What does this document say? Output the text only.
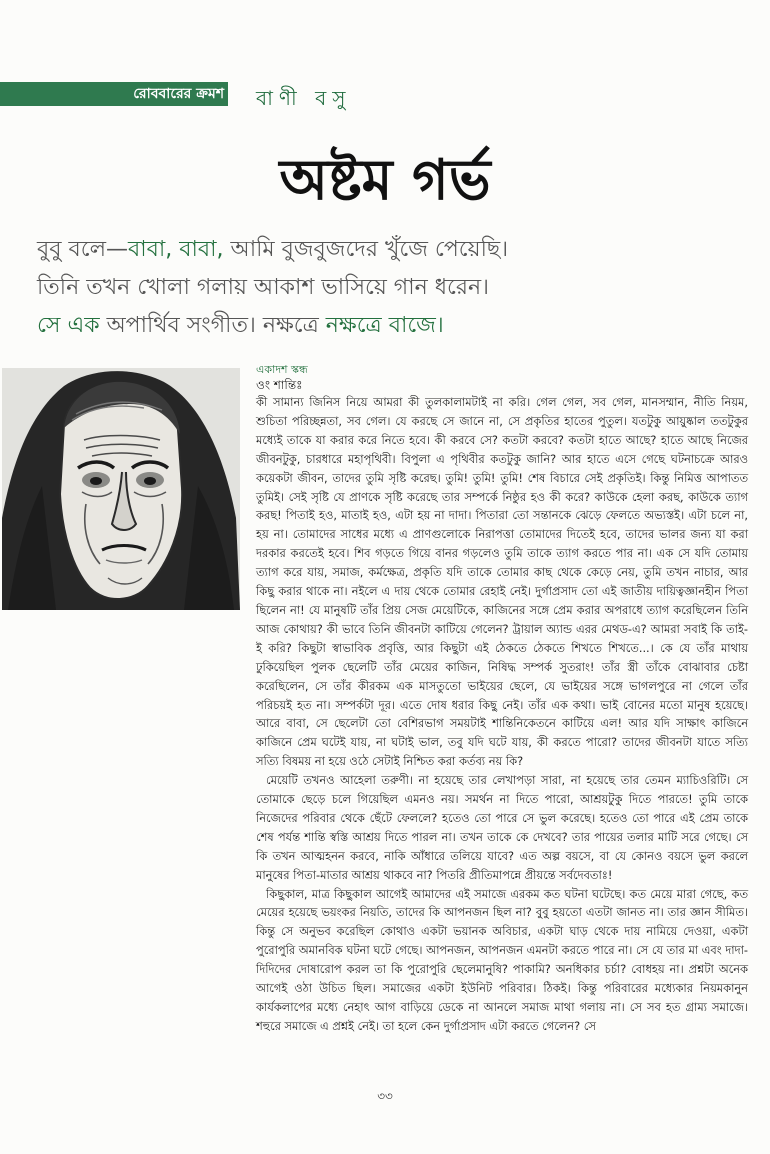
রোববারের ক্রমশ বাণী বসু
অষ্টম গর্ভ
বুবু বলে—বাবা, বাবা, আমি বুজবুজদের খুঁজে পেয়েছি।
তিনি তখন খোলা গলায় আকাশ ভাসিয়ে গান ধরেন।
সে এক অপার্থিব সংগীত। নক্ষত্রে নক্ষত্রে বাজে।

একাদশ স্কন্ধ

ওং শান্তিঃ

কী সামান্য জিনিস নিয়ে আমরা কী তুলকালামটাই না করি। গেল গেল, সব গেল, মানসম্মান, নীতি নিয়ম, শুচিতা পরিচ্ছন্নতা, সব গেল। যে করছে সে জানে না, সে প্রকৃতির হাতের পুতুল। যতটুকু আয়ুষ্কাল ততটুকুর মধ্যেই তাকে যা করার করে নিতে হবে। কী করবে সে? কতটা করবে? কতটা হাতে আছে? হাতে আছে নিজের জীবনটুকু, চারধারে মহাপৃথিবী। বিপুলা এ পৃথিবীর কতটুকু জানি? আর হাতে এসে গেছে ঘটনাচক্রে আরও কয়েকটা জীবন, তাদের তুমি সৃষ্টি করেছ। তুমি! তুমি! তুমি! শেষ বিচারে সেই প্রকৃতিই। কিন্তু নিমিত্ত আপাতত তুমিই। সেই সৃষ্টি যে প্রাণকে সৃষ্টি করেছে তার সম্পর্কে নিষ্ঠুর হও কী করে? কাউকে হেলা করছ, কাউকে ত্যাগ করছ! পিতাই হও, মাতাই হও, এটা হয় না দাদা। পিতারা তো সন্তানকে ঝেড়ে ফেলতে অভ্যস্তই। এটা চলে না, হয় না। তোমাদের সাধের মধ্যে এ প্রাণগুলোকে নিরাপত্তা তোমাদের দিতেই হবে, তাদের ভালর জন্য যা করা দরকার করতেই হবে। শিব গড়তে গিয়ে বানর গড়লেও তুমি তাকে ত্যাগ করতে পার না। এক সে যদি তোমায় ত্যাগ করে যায়, সমাজ, কর্মক্ষেত্র, প্রকৃতি যদি তাকে তোমার কাছ থেকে কেড়ে নেয়, তুমি তখন নাচার, আর কিছু করার থাকে না। নইলে এ দায় থেকে তোমার রেহাই নেই। দুর্গাপ্রসাদ তো এই জাতীয় দায়িত্বজ্ঞানহীন পিতা ছিলেন না! যে মানুষটি তাঁর প্রিয় সেজ মেয়েটিকে, কাজিনের সঙ্গে প্রেম করার অপরাধে ত্যাগ করেছিলেন তিনি আজ কোথায়? কী ভাবে তিনি জীবনটা কাটিয়ে গেলেন? ট্রায়াল অ্যান্ড এরর মেথড-এ? আমরা সবাই কি তাই-ই করি? কিছুটা স্বাভাবিক প্রবৃত্তি, আর কিছুটা এই ঠেকতে ঠেকতে শিখতে শিখতে...। কে যে তাঁর মাথায় ঢুকিয়েছিল পুলক ছেলেটি তাঁর মেয়ের কাজিন, নিষিদ্ধ সম্পর্ক সুতরাং! তাঁর স্ত্রী তাঁকে বোঝাবার চেষ্টা করেছিলেন, সে তাঁর কীরকম এক মাসতুতো ভাইয়ের ছেলে, যে ভাইয়ের সঙ্গে ভাগলপুরে না গেলে তাঁর পরিচয়ই হত না। সম্পর্কটা দূর। এতে দোষ ধরার কিছু নেই। তাঁর এক কথা। ভাই বোনের মতো মানুষ হয়েছে। আরে বাবা, সে ছেলেটা তো বেশিরভাগ সময়টাই শান্তিনিকেতনে কাটিয়ে এল! আর যদি সাক্ষাৎ কাজিনে কাজিনে প্রেম ঘটেই যায়, না ঘটাই ভাল, তবু যদি ঘটে যায়, কী করতে পারো? তাদের জীবনটা যাতে সত্যি সত্যি বিষময় না হয়ে ওঠে সেটাই নিশ্চিত করা কর্তব্য নয় কি?

মেয়েটি তখনও আহেলা তরুণী। না হয়েছে তার লেখাপড়া সারা, না হয়েছে তার তেমন ম্যাচিওরিটি। সে তোমাকে ছেড়ে চলে গিয়েছিল এমনও নয়। সমর্থন না দিতে পারো, আশ্রয়টুকু দিতে পারতে! তুমি তাকে নিজেদের পরিবার থেকে ছেঁটে ফেললে? হতেও তো পারে সে ভুল করেছে। হতেও তো পারে এই প্রেম তাকে শেষ পর্যন্ত শান্তি স্বস্তি আশ্রয় দিতে পারল না। তখন তাকে কে দেখবে? তার পায়ের তলার মাটি সরে গেছে। সে কি তখন আত্মহনন করবে, নাকি আঁধারে তলিয়ে যাবে? এত অল্প বয়সে, বা যে কোনও বয়সে ভুল করলে মানুষের পিতা-মাতার আশ্রয় থাকবে না? পিতরি প্রীতিমাপন্নে প্রীয়ন্তে সর্বদেবতাঃ!

কিছুকাল, মাত্র কিছুকাল আগেই আমাদের এই সমাজে এরকম কত ঘটনা ঘটেছে। কত মেয়ে মারা গেছে, কত মেয়ের হয়েছে ভয়ংকর নিয়তি, তাদের কি আপনজন ছিল না? বুবু হয়তো এতটা জানত না। তার জ্ঞান সীমিত। কিন্তু সে অনুভব করেছিল কোথাও একটা ভয়ানক অবিচার, একটা ঘাড় থেকে দায় নামিয়ে দেওয়া, একটা পুরোপুরি অমানবিক ঘটনা ঘটে গেছে। আপনজন, আপনজন এমনটা করতে পারে না। সে যে তার মা এবং দাদা-দিদিদের দোষারোপ করল তা কি পুরোপুরি ছেলেমানুষি? পাকামি? অনধিকার চর্চা? বোধহয় না। প্রশ্নটা অনেক আগেই ওঠা উচিত ছিল। সমাজের একটা ইউনিট পরিবার। ঠিকই। কিন্তু পরিবারের মধ্যেকার নিয়মকানুন কার্যকলাপের মধ্যে নেহাৎ আগ বাড়িয়ে ডেকে না আনলে সমাজ মাথা গলায় না। সে সব হত গ্রাম্য সমাজে। শহুরে সমাজে এ প্রশ্নই নেই। তা হলে কেন দুর্গাপ্রসাদ এটা করতে গেলেন? সে

৩৩
